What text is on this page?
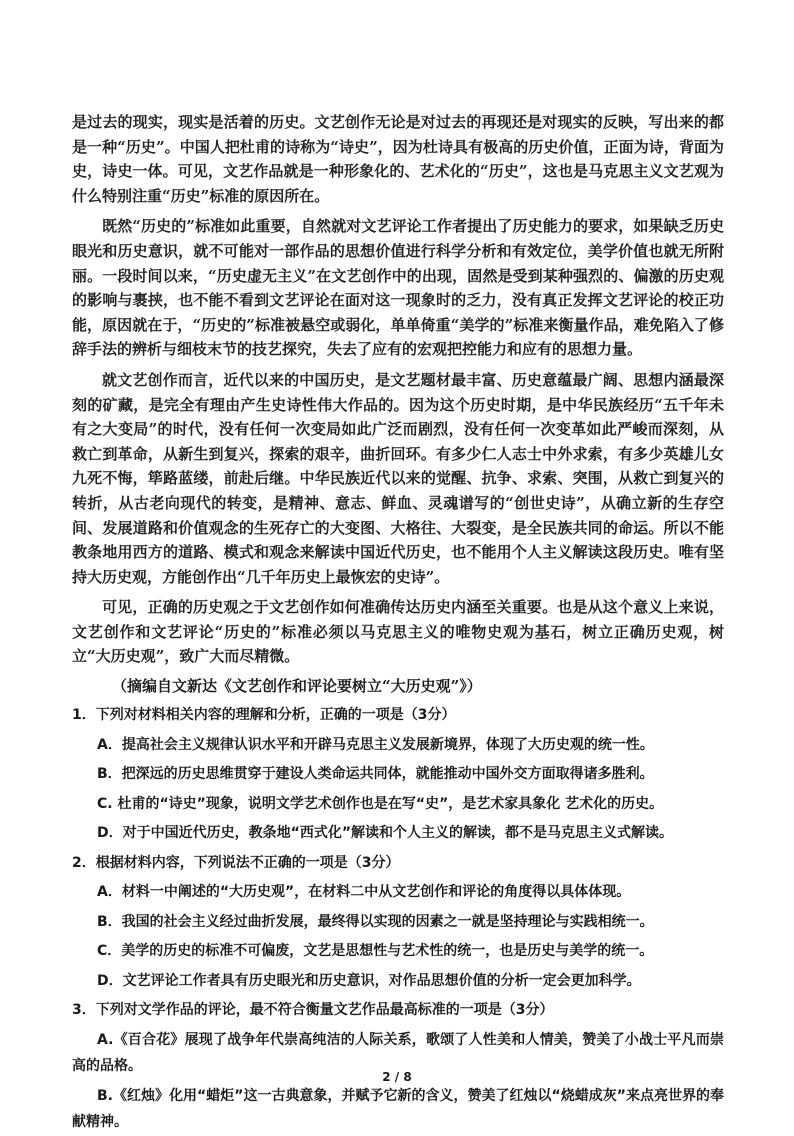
是过去的现实，现实是活着的历史。文艺创作无论是对过去的再现还是对现实的反映，写出来的都是一种“历史”。中国人把杜甫的诗称为“诗史”，因为杜诗具有极高的历史价值，正面为诗，背面为史，诗史一体。可见，文艺作品就是一种形象化的、艺术化的“历史”，这也是马克思主义文艺观为什么特别注重“历史”标准的原因所在。

既然“历史的”标准如此重要，自然就对文艺评论工作者提出了历史能力的要求，如果缺乏历史眼光和历史意识，就不可能对一部作品的思想价值进行科学分析和有效定位，美学价值也就无所附丽。一段时间以来，“历史虚无主义”在文艺创作中的出现，固然是受到某种强烈的、偏激的历史观的影响与裹挟，也不能不看到文艺评论在面对这一现象时的乏力，没有真正发挥文艺评论的校正功能，原因就在于，“历史的”标准被悬空或弱化，单单倚重“美学的”标准来衡量作品，难免陷入了修辞手法的辨析与细枝末节的技艺探究，失去了应有的宏观把控能力和应有的思想力量。

就文艺创作而言，近代以来的中国历史，是文艺题材最丰富、历史意蕴最广阔、思想内涵最深刻的矿藏，是完全有理由产生史诗性伟大作品的。因为这个历史时期，是中华民族经历“五千年未有之大变局”的时代，没有任何一次变局如此广泛而剧烈，没有任何一次变革如此严峻而深刻，从救亡到革命，从新生到复兴，探索的艰辛，曲折回环。有多少仁人志士中外求索，有多少英雄儿女九死不悔，筚路蓝缕，前赴后继。中华民族近代以来的觉醒、抗争、求索、突围，从救亡到复兴的转折，从古老向现代的转变，是精神、意志、鲜血、灵魂谱写的“创世史诗”，从确立新的生存空间、发展道路和价值观念的生死存亡的大变图、大格往、大裂变，是全民族共同的命运。所以不能教条地用西方的道路、模式和观念来解读中国近代历史，也不能用个人主义解读这段历史。唯有坚持大历史观，方能创作出“几千年历史上最恢宏的史诗”。

可见，正确的历史观之于文艺创作如何准确传达历史内涵至关重要。也是从这个意义上来说，文艺创作和文艺评论“历史的”标准必须以马克思主义的唯物史观为基石，树立正确历史观，树立“大历史观”，致广大而尽精微。

（摘编自文新达《文艺创作和评论要树立“大历史观”》）

1．下列对材料相关内容的理解和分析，正确的一项是（3分）

A．提高社会主义规律认识水平和开辟马克思主义发展新境界，体现了大历史观的统一性。

B．把深远的历史思维贯穿于建设人类命运共同体，就能推动中国外交方面取得诸多胜利。

C. 杜甫的“诗史”现象，说明文学艺术创作也是在写“史”，是艺术家具象化 艺术化的历史。

D．对于中国近代历史，教条地“西式化”解读和个人主义的解读，都不是马克思主义式解读。

2．根据材料内容，下列说法不正确的一项是（3分）

A．材料一中阐述的“大历史观”，在材料二中从文艺创作和评论的角度得以具体体现。

B．我国的社会主义经过曲折发展，最终得以实现的因素之一就是坚持理论与实践相统一。

C．美学的历史的标准不可偏废，文艺是思想性与艺术性的统一，也是历史与美学的统一。

D．文艺评论工作者具有历史眼光和历史意识，对作品思想价值的分析一定会更加科学。

3．下列对文学作品的评论，最不符合衡量文艺作品最高标准的一项是（3分）

A.《百合花》展现了战争年代崇高纯洁的人际关系，歌颂了人性美和人情美，赞美了小战士平凡而崇高的品格。

B.《红烛》化用“蜡炬”这一古典意象，并赋予它新的含义，赞美了红烛以“烧蜡成灰”来点亮世界的奉献精神。

2 / 8
